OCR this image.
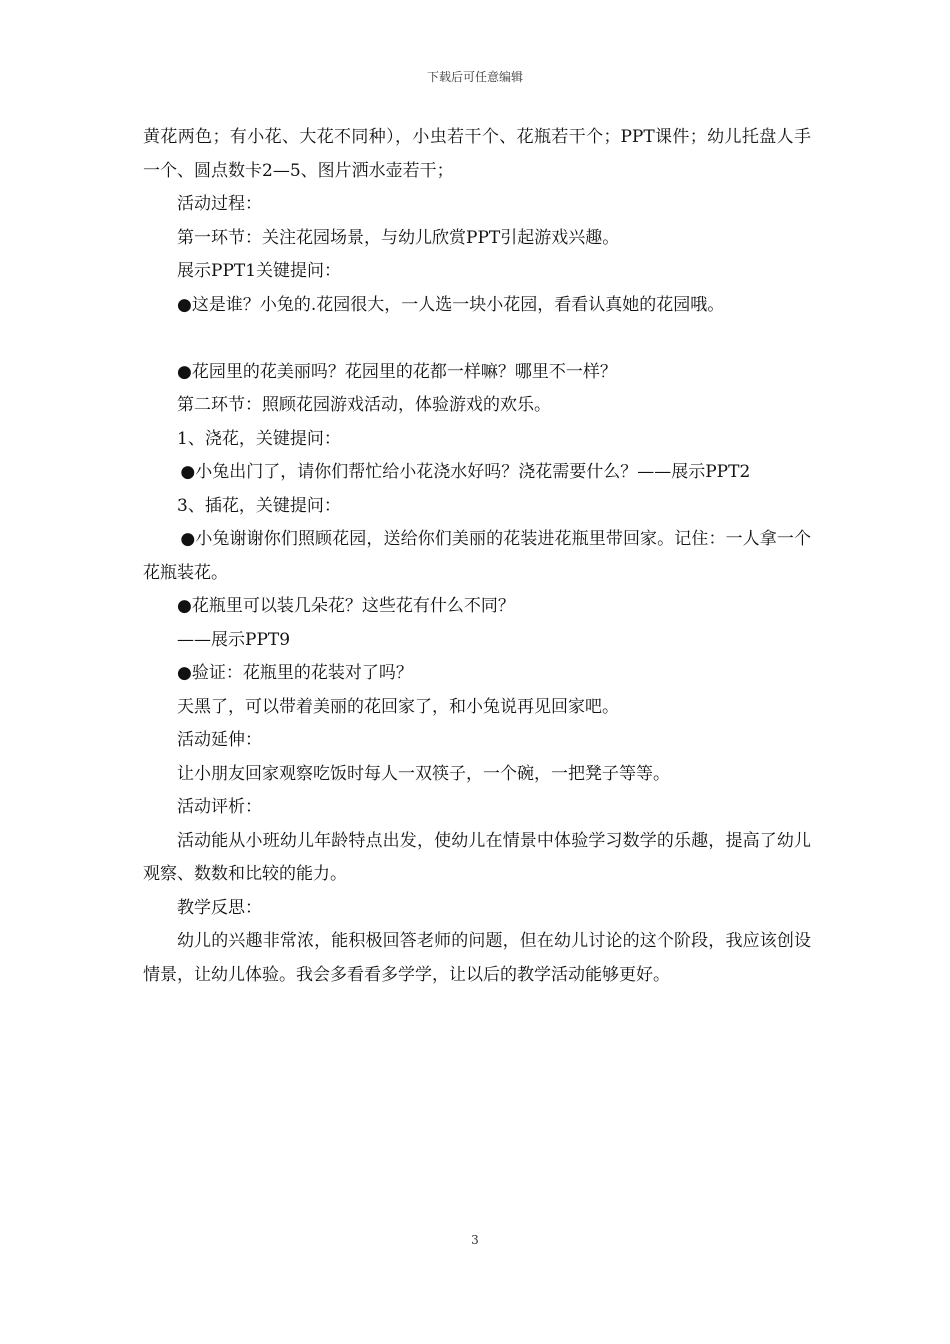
下载后可任意编辑

黄花两色；有小花、大花不同种），小虫若干个、花瓶若干个；PPT课件；幼儿托盘人手一个、圆点数卡2—5、图片洒水壶若干；

活动过程：

第一环节：关注花园场景，与幼儿欣赏PPT引起游戏兴趣。

展示PPT1关键提问：

●这是谁？小兔的.花园很大，一人选一块小花园，看看认真她的花园哦。

●花园里的花美丽吗？花园里的花都一样嘛？哪里不一样？

第二环节：照顾花园游戏活动，体验游戏的欢乐。

1、浇花，关键提问：

●小兔出门了，请你们帮忙给小花浇水好吗？浇花需要什么？——展示PPT2

3、插花，关键提问：

●小兔谢谢你们照顾花园，送给你们美丽的花装进花瓶里带回家。记住：一人拿一个花瓶装花。

●花瓶里可以装几朵花？这些花有什么不同？

——展示PPT9

●验证：花瓶里的花装对了吗？

天黑了，可以带着美丽的花回家了，和小兔说再见回家吧。

活动延伸：

让小朋友回家观察吃饭时每人一双筷子，一个碗，一把凳子等等。

活动评析：

活动能从小班幼儿年龄特点出发，使幼儿在情景中体验学习数学的乐趣，提高了幼儿观察、数数和比较的能力。

教学反思：

幼儿的兴趣非常浓，能积极回答老师的问题，但在幼儿讨论的这个阶段，我应该创设情景，让幼儿体验。我会多看看多学学，让以后的教学活动能够更好。

3
